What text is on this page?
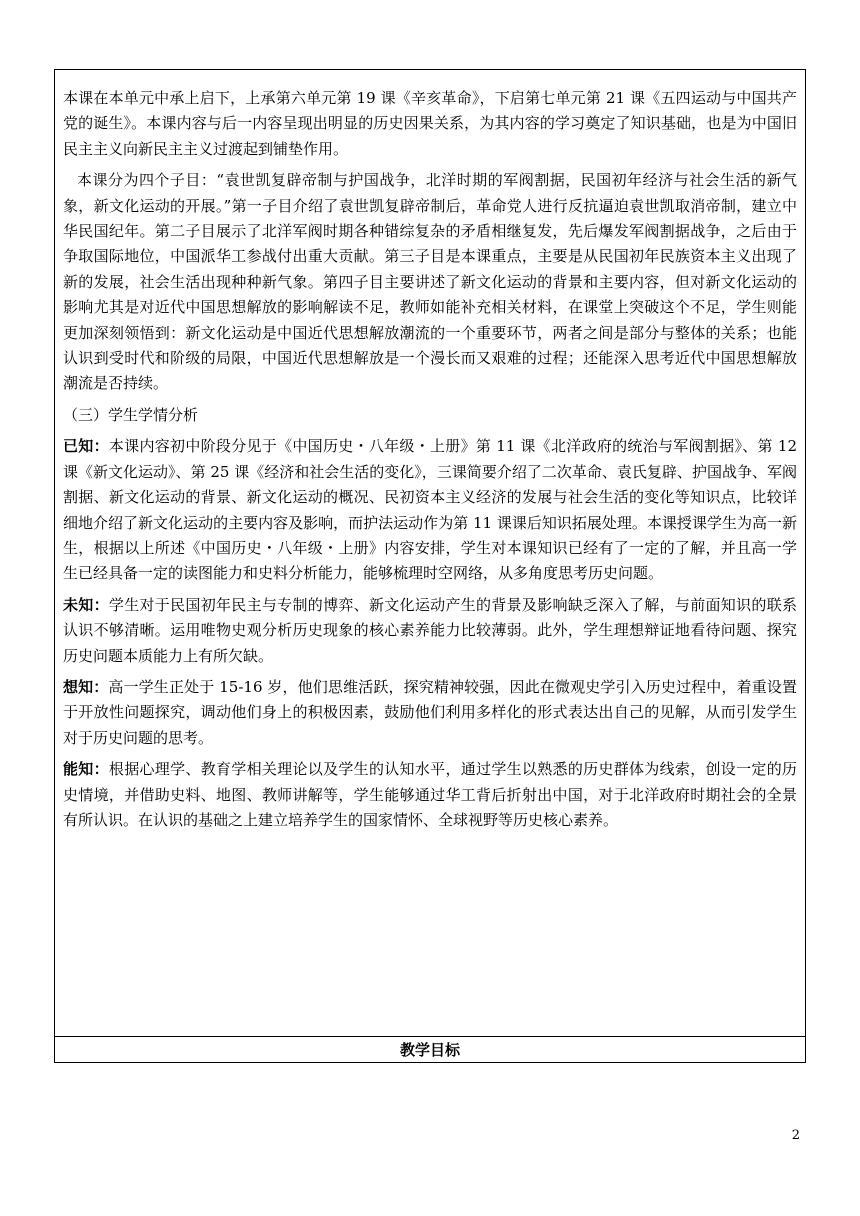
本课在本单元中承上启下，上承第六单元第 19 课《辛亥革命》，下启第七单元第 21 课《五四运动与中国共产党的诞生》。本课内容与后一内容呈现出明显的历史因果关系，为其内容的学习奠定了知识基础，也是为中国旧民主主义向新民主主义过渡起到铺垫作用。

本课分为四个子目：“袁世凯复辟帝制与护国战争，北洋时期的军阀割据，民国初年经济与社会生活的新气象，新文化运动的开展。”第一子目介绍了袁世凯复辟帝制后，革命党人进行反抗逼迫袁世凯取消帝制，建立中华民国纪年。第二子目展示了北洋军阀时期各种错综复杂的矛盾相继复发，先后爆发军阀割据战争，之后由于争取国际地位，中国派华工参战付出重大贡献。第三子目是本课重点，主要是从民国初年民族资本主义出现了新的发展，社会生活出现种种新气象。第四子目主要讲述了新文化运动的背景和主要内容，但对新文化运动的影响尤其是对近代中国思想解放的影响解读不足，教师如能补充相关材料，在课堂上突破这个不足，学生则能更加深刻领悟到：新文化运动是中国近代思想解放潮流的一个重要环节，两者之间是部分与整体的关系；也能认识到受时代和阶级的局限，中国近代思想解放是一个漫长而又艰难的过程；还能深入思考近代中国思想解放潮流是否持续。

（三）学生学情分析

已知：本课内容初中阶段分见于《中国历史・八年级・上册》第 11 课《北洋政府的统治与军阀割据》、第 12 课《新文化运动》、第 25 课《经济和社会生活的变化》，三课简要介绍了二次革命、袁氏复辟、护国战争、军阀割据、新文化运动的背景、新文化运动的概况、民初资本主义经济的发展与社会生活的变化等知识点，比较详细地介绍了新文化运动的主要内容及影响，而护法运动作为第 11 课课后知识拓展处理。本课授课学生为高一新生，根据以上所述《中国历史・八年级・上册》内容安排，学生对本课知识已经有了一定的了解，并且高一学生已经具备一定的读图能力和史料分析能力，能够梳理时空网络，从多角度思考历史问题。

未知：学生对于民国初年民主与专制的博弈、新文化运动产生的背景及影响缺乏深入了解，与前面知识的联系认识不够清晰。运用唯物史观分析历史现象的核心素养能力比较薄弱。此外，学生理想辩证地看待问题、探究历史问题本质能力上有所欠缺。

想知：高一学生正处于 15-16 岁，他们思维活跃，探究精神较强，因此在微观史学引入历史过程中，着重设置于开放性问题探究，调动他们身上的积极因素，鼓励他们利用多样化的形式表达出自己的见解，从而引发学生对于历史问题的思考。

能知：根据心理学、教育学相关理论以及学生的认知水平，通过学生以熟悉的历史群体为线索，创设一定的历史情境，并借助史料、地图、教师讲解等，学生能够通过华工背后折射出中国，对于北洋政府时期社会的全景有所认识。在认识的基础之上建立培养学生的国家情怀、全球视野等历史核心素养。

教学目标
2
